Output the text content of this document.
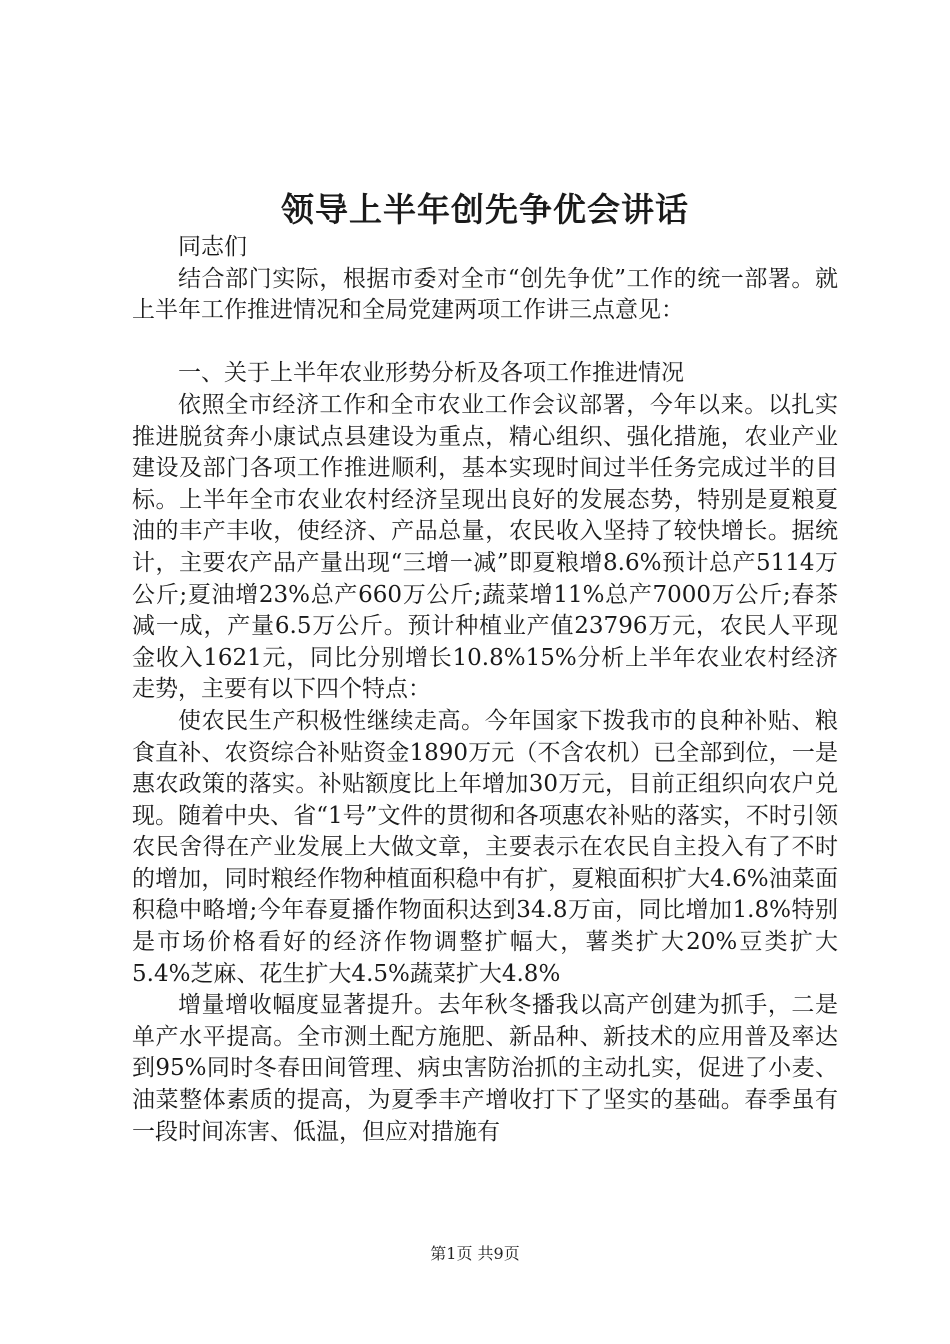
领导上半年创先争优会讲话

同志们

结合部门实际，根据市委对全市“创先争优”工作的统一部署。就上半年工作推进情况和全局党建两项工作讲三点意见：

一、关于上半年农业形势分析及各项工作推进情况

依照全市经济工作和全市农业工作会议部署，今年以来。以扎实推进脱贫奔小康试点县建设为重点，精心组织、强化措施，农业产业建设及部门各项工作推进顺利，基本实现时间过半任务完成过半的目标。上半年全市农业农村经济呈现出良好的发展态势，特别是夏粮夏油的丰产丰收，使经济、产品总量，农民收入坚持了较快增长。据统计，主要农产品产量出现“三增一减”即夏粮增8.6%预计总产5114万公斤;夏油增23%总产660万公斤;蔬菜增11%总产7000万公斤;春茶减一成，产量6.5万公斤。预计种植业产值23796万元，农民人平现金收入1621元，同比分别增长10.8%15%分析上半年农业农村经济走势，主要有以下四个特点：

使农民生产积极性继续走高。今年国家下拨我市的良种补贴、粮食直补、农资综合补贴资金1890万元（不含农机）已全部到位，一是惠农政策的落实。补贴额度比上年增加30万元，目前正组织向农户兑现。随着中央、省“1号”文件的贯彻和各项惠农补贴的落实，不时引领农民舍得在产业发展上大做文章，主要表示在农民自主投入有了不时的增加，同时粮经作物种植面积稳中有扩，夏粮面积扩大4.6%油菜面积稳中略增;今年春夏播作物面积达到34.8万亩，同比增加1.8%特别是市场价格看好的经济作物调整扩幅大，薯类扩大20%豆类扩大5.4%芝麻、花生扩大4.5%蔬菜扩大4.8%

增量增收幅度显著提升。去年秋冬播我以高产创建为抓手，二是单产水平提高。全市测土配方施肥、新品种、新技术的应用普及率达到95%同时冬春田间管理、病虫害防治抓的主动扎实，促进了小麦、油菜整体素质的提高，为夏季丰产增收打下了坚实的基础。春季虽有一段时间冻害、低温，但应对措施有

第1页 共9页
